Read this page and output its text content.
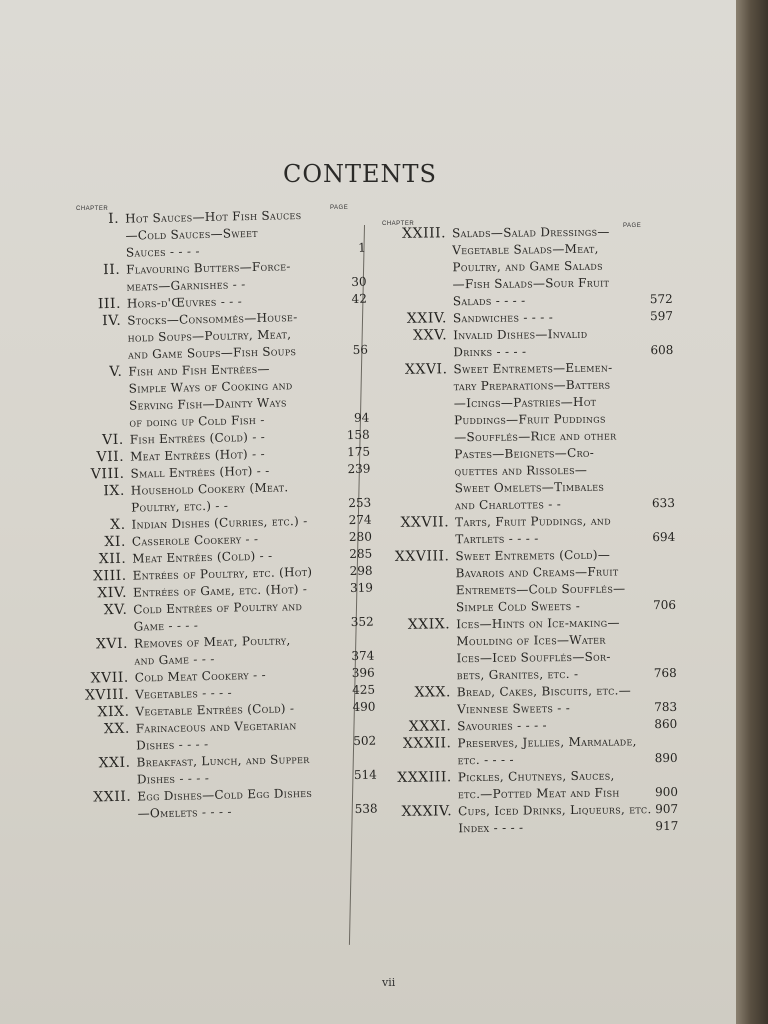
CONTENTS
CHAPTER	PAGE
CHAPTER	PAGE
I. Hot Sauces—Hot Fish Sauces
—Cold Sauces—Sweet
Sauces - - - -	1
II. Flavouring Butters—Force-
meats—Garnishes - -	30
III. Hors-d'Œuvres - - -	42
IV. Stocks—Consommés—House-
hold Soups—Poultry, Meat,
and Game Soups—Fish Soups	56
V. Fish and Fish Entrées—
Simple Ways of Cooking and
Serving Fish—Dainty Ways
of doing up Cold Fish -	94
VI. Fish Entrées (Cold) - -	158
VII. Meat Entrées (Hot) - -	175
VIII. Small Entrées (Hot) - -	239
IX. Household Cookery (Meat.
Poultry, etc.) - -	253
X. Indian Dishes (Curries, etc.) -	274
XI. Casserole Cookery - -	280
XII. Meat Entrées (Cold) - -	285
XIII. Entrées of Poultry, etc. (Hot)	298
XIV. Entrées of Game, etc. (Hot) -	319
XV. Cold Entrées of Poultry and
Game - - - -	352
XVI. Removes of Meat, Poultry,
and Game - - -	374
XVII. Cold Meat Cookery - -	396
XVIII. Vegetables - - - -	425
XIX. Vegetable Entrées (Cold) -	490
XX. Farinaceous and Vegetarian
Dishes - - - -	502
XXI. Breakfast, Lunch, and Supper
Dishes - - - -	514
XXII. Egg Dishes—Cold Egg Dishes
—Omelets - - - -	538
XXIII. Salads—Salad Dressings—
Vegetable Salads—Meat,
Poultry, and Game Salads
—Fish Salads—Sour Fruit
Salads - - - -	572
XXIV. Sandwiches - - - -	597
XXV. Invalid Dishes—Invalid
Drinks - - - -	608
XXVI. Sweet Entremets—Elemen-
tary Preparations—Batters
—Icings—Pastries—Hot
Puddings—Fruit Puddings
—Soufflés—Rice and other
Pastes—Beignets—Cro-
quettes and Rissoles—
Sweet Omelets—Timbales
and Charlottes - -	633
XXVII. Tarts, Fruit Puddings, and
Tartlets - - - -	694
XXVIII. Sweet Entremets (Cold)—
Bavarois and Creams—Fruit
Entremets—Cold Soufflés—
Simple Cold Sweets -	706
XXIX. Ices—Hints on Ice-making—
Moulding of Ices—Water
Ices—Iced Soufflés—Sor-
bets, Granites, etc. -	768
XXX. Bread, Cakes, Biscuits, etc.—
Viennese Sweets - -	783
XXXI. Savouries - - - -	860
XXXII. Preserves, Jellies, Marmalade,
etc. - - - -	890
XXXIII. Pickles, Chutneys, Sauces,
etc.—Potted Meat and Fish	900
XXXIV. Cups, Iced Drinks, Liqueurs, etc. 907
Index - - - -	917
vii
